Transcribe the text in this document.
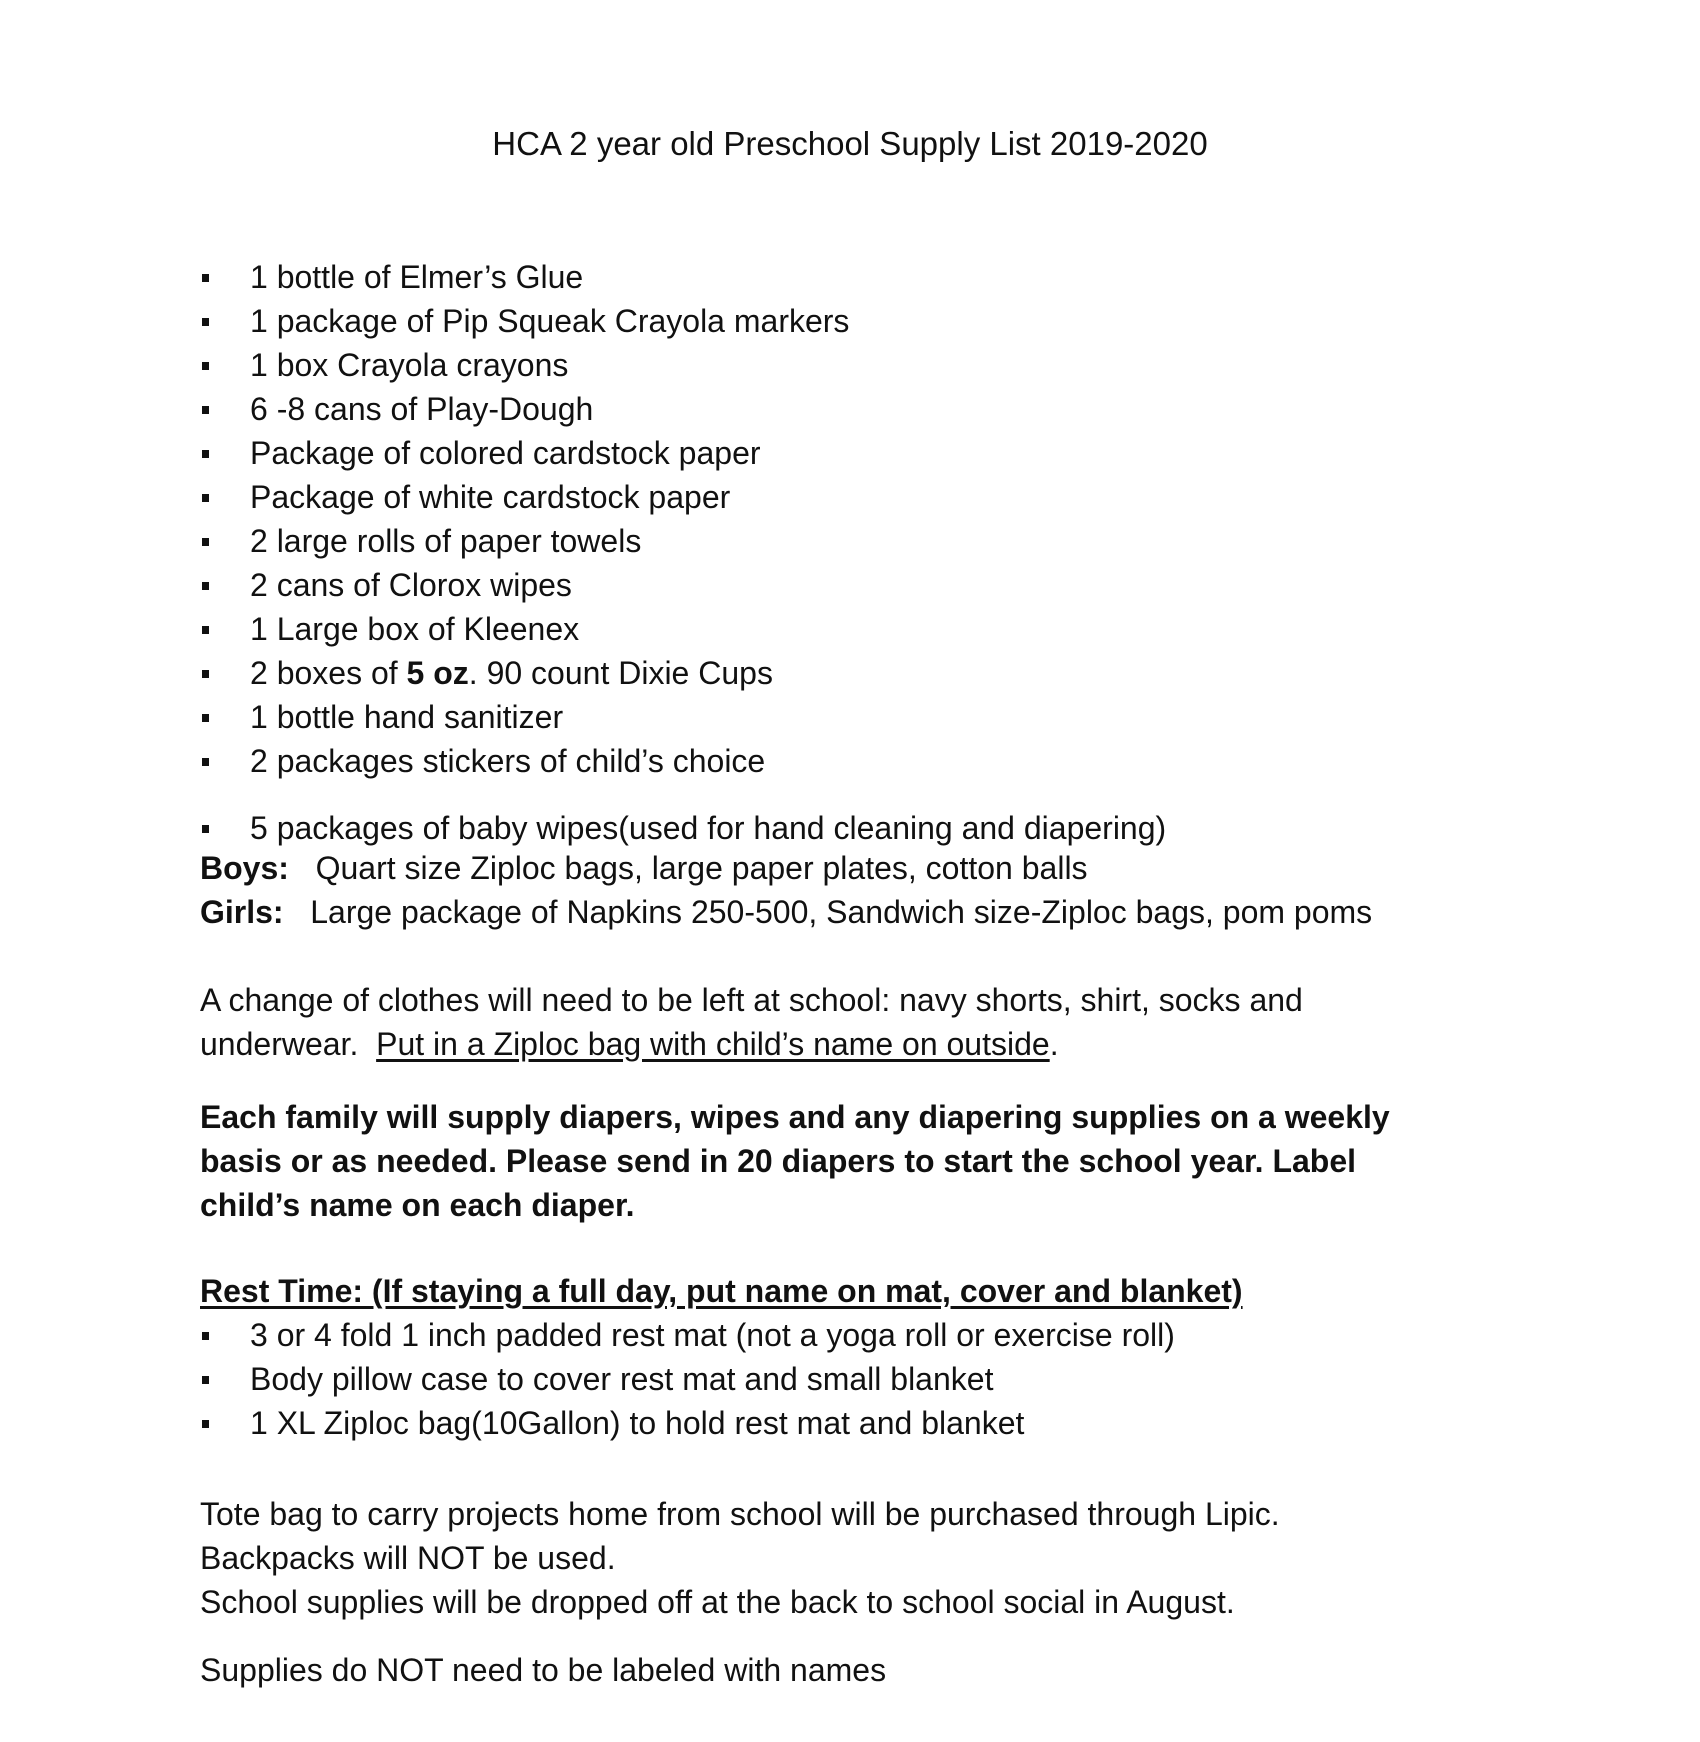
HCA 2 year old Preschool Supply List 2019-2020
1 bottle of Elmer’s Glue
1 package of Pip Squeak Crayola markers
1 box Crayola crayons
6 -8 cans of Play-Dough
Package of colored cardstock paper
Package of white cardstock paper
2 large rolls of paper towels
2 cans of Clorox wipes
1 Large box of Kleenex
2 boxes of 5 oz. 90 count Dixie Cups
1 bottle hand sanitizer
2 packages stickers of child’s choice
5 packages of baby wipes(used for hand cleaning and diapering)
Boys: Quart size Ziploc bags, large paper plates, cotton balls
Girls: Large package of Napkins 250-500, Sandwich size-Ziploc bags, pom poms
A change of clothes will need to be left at school: navy shorts, shirt, socks and
underwear.  Put in a Ziploc bag with child’s name on outside.
Each family will supply diapers, wipes and any diapering supplies on a weekly
basis or as needed. Please send in 20 diapers to start the school year. Label
child’s name on each diaper.
Rest Time: (If staying a full day, put name on mat, cover and blanket)
3 or 4 fold 1 inch padded rest mat (not a yoga roll or exercise roll)
Body pillow case to cover rest mat and small blanket
1 XL Ziploc bag(10Gallon) to hold rest mat and blanket
Tote bag to carry projects home from school will be purchased through Lipic.
Backpacks will NOT be used.
School supplies will be dropped off at the back to school social in August.
Supplies do NOT need to be labeled with names
